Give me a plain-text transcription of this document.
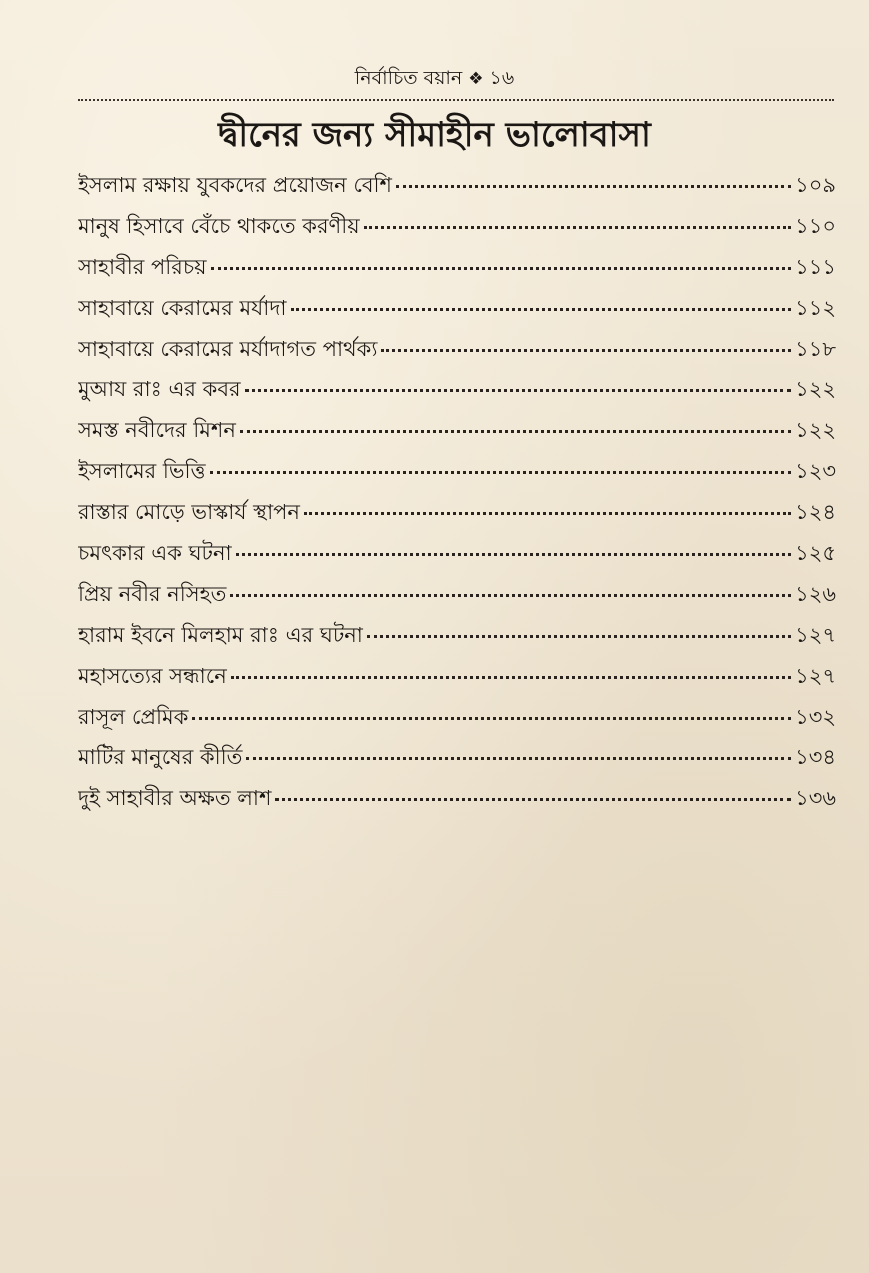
নির্বাচিত বয়ান ❖ ১৬
দ্বীনের জন্য সীমাহীন ভালোবাসা
ইসলাম রক্ষায় যুবকদের প্রয়োজন বেশি	১০৯
মানুষ হিসাবে বেঁচে থাকতে করণীয়	১১০
সাহাবীর পরিচয়	১১১
সাহাবায়ে কেরামের মর্যাদা	১১২
সাহাবায়ে কেরামের মর্যাদাগত পার্থক্য	১১৮
মুআয রাঃ এর কবর	১২২
সমস্ত নবীদের মিশন	১২২
ইসলামের ভিত্তি	১২৩
রাস্তার মোড়ে ভাস্কার্য স্থাপন	১২৪
চমৎকার এক ঘটনা	১২৫
প্রিয় নবীর নসিহত	১২৬
হারাম ইবনে মিলহাম রাঃ এর ঘটনা	১২৭
মহাসত্যের সন্ধানে	১২৭
রাসূল প্রেমিক	১৩২
মাটির মানুষের কীর্তি	১৩৪
দুই সাহাবীর অক্ষত লাশ	১৩৬
